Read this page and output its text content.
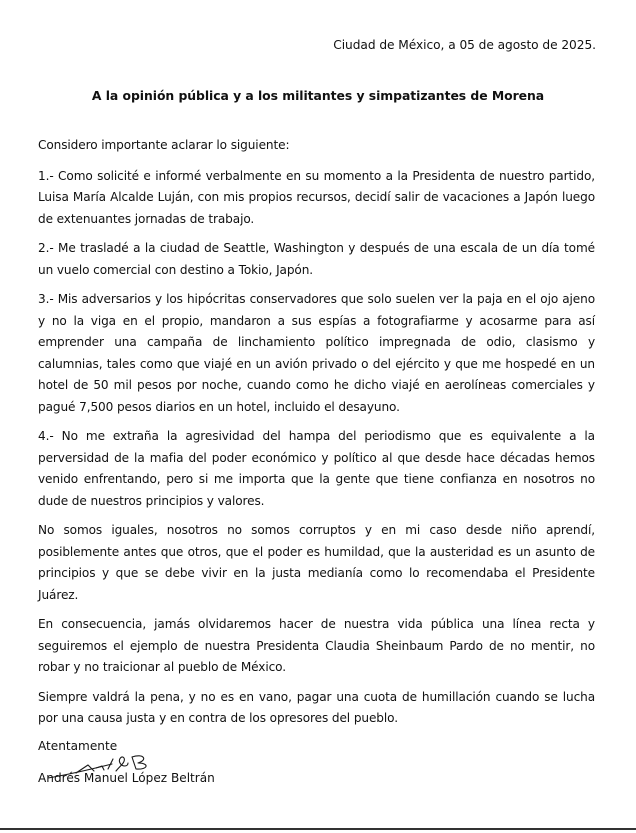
Ciudad de México, a 05 de agosto de 2025.
A la opinión pública y a los militantes y simpatizantes de Morena

Considero importante aclarar lo siguiente:

1.- Como solicité e informé verbalmente en su momento a la Presidenta de nuestro partido, Luisa María Alcalde Luján, con mis propios recursos, decidí salir de vacaciones a Japón luego de extenuantes jornadas de trabajo.

2.- Me trasladé a la ciudad de Seattle, Washington y después de una escala de un día tomé un vuelo comercial con destino a Tokio, Japón.

3.- Mis adversarios y los hipócritas conservadores que solo suelen ver la paja en el ojo ajeno y no la viga en el propio, mandaron a sus espías a fotografiarme y acosarme para así emprender una campaña de linchamiento político impregnada de odio, clasismo y calumnias, tales como que viajé en un avión privado o del ejército y que me hospedé en un hotel de 50 mil pesos por noche, cuando como he dicho viajé en aerolíneas comerciales y pagué 7,500 pesos diarios en un hotel, incluido el desayuno.

4.- No me extraña la agresividad del hampa del periodismo que es equivalente a la perversidad de la mafia del poder económico y político al que desde hace décadas hemos venido enfrentando, pero si me importa que la gente que tiene confianza en nosotros no dude de nuestros principios y valores.

No somos iguales, nosotros no somos corruptos y en mi caso desde niño aprendí, posiblemente antes que otros, que el poder es humildad, que la austeridad es un asunto de principios y que se debe vivir en la justa medianía como lo recomendaba el Presidente Juárez.

En consecuencia, jamás olvidaremos hacer de nuestra vida pública una línea recta y seguiremos el ejemplo de nuestra Presidenta Claudia Sheinbaum Pardo de no mentir, no robar y no traicionar al pueblo de México.

Siempre valdrá la pena, y no es en vano, pagar una cuota de humillación cuando se lucha por una causa justa y en contra de los opresores del pueblo.

Atentamente
Andrés Manuel López Beltrán
